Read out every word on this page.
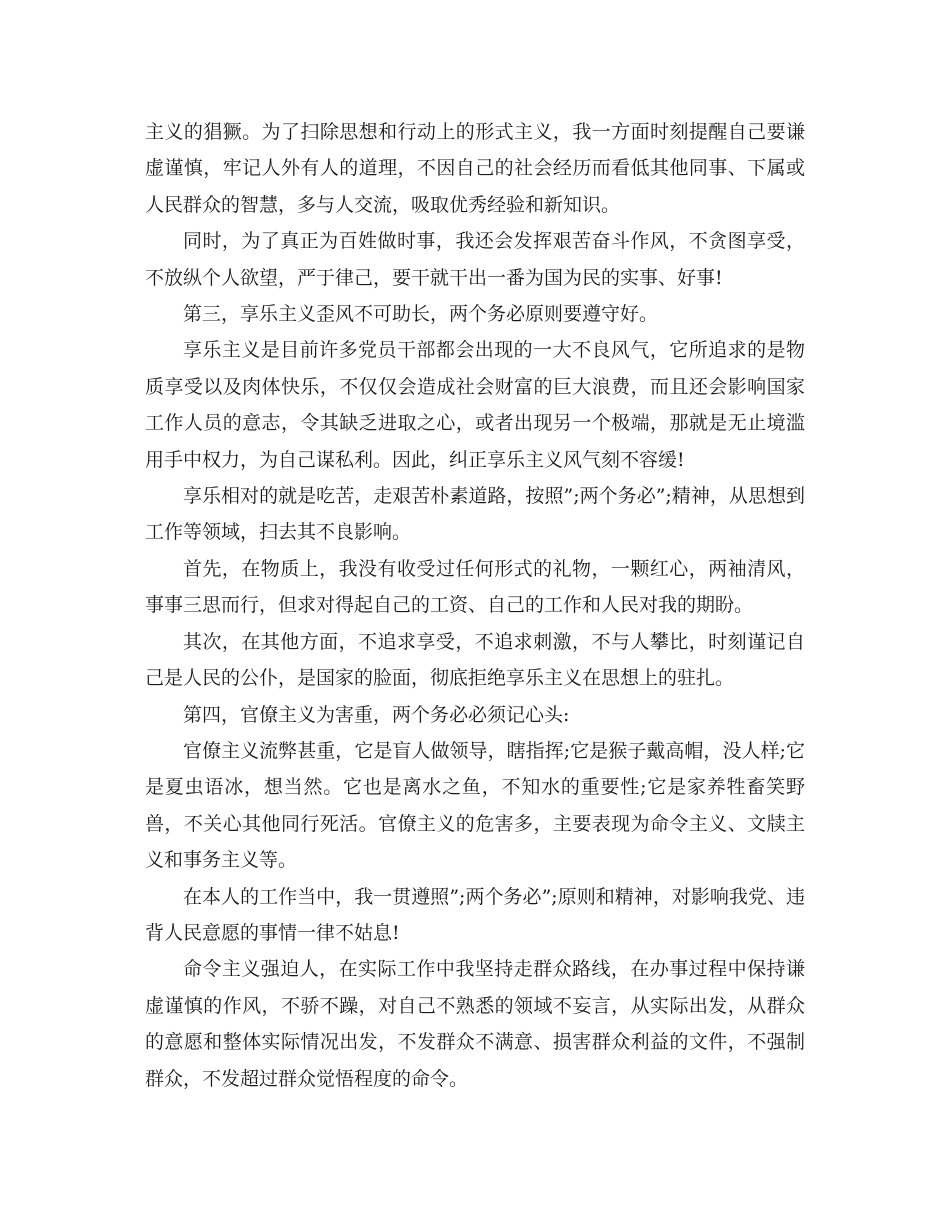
主义的猖獗。为了扫除思想和行动上的形式主义，我一方面时刻提醒自己要谦虚谨慎，牢记人外有人的道理，不因自己的社会经历而看低其他同事、下属或人民群众的智慧，多与人交流，吸取优秀经验和新知识。

同时，为了真正为百姓做时事，我还会发挥艰苦奋斗作风，不贪图享受，不放纵个人欲望，严于律己，要干就干出一番为国为民的实事、好事!

第三，享乐主义歪风不可助长，两个务必原则要遵守好。

享乐主义是目前许多党员干部都会出现的一大不良风气，它所追求的是物质享受以及肉体快乐，不仅仅会造成社会财富的巨大浪费，而且还会影响国家工作人员的意志，令其缺乏进取之心，或者出现另一个极端，那就是无止境滥用手中权力，为自己谋私利。因此，纠正享乐主义风气刻不容缓!

享乐相对的就是吃苦，走艰苦朴素道路，按照”;两个务必”;精神，从思想到工作等领域，扫去其不良影响。

首先，在物质上，我没有收受过任何形式的礼物，一颗红心，两袖清风，事事三思而行，但求对得起自己的工资、自己的工作和人民对我的期盼。

其次，在其他方面，不追求享受，不追求刺激，不与人攀比，时刻谨记自己是人民的公仆，是国家的脸面，彻底拒绝享乐主义在思想上的驻扎。

第四，官僚主义为害重，两个务必必须记心头:

官僚主义流弊甚重，它是盲人做领导，瞎指挥;它是猴子戴高帽，没人样;它是夏虫语冰，想当然。它也是离水之鱼，不知水的重要性;它是家养牲畜笑野兽，不关心其他同行死活。官僚主义的危害多，主要表现为命令主义、文牍主义和事务主义等。

在本人的工作当中，我一贯遵照”;两个务必”;原则和精神，对影响我党、违背人民意愿的事情一律不姑息!

命令主义强迫人，在实际工作中我坚持走群众路线，在办事过程中保持谦虚谨慎的作风，不骄不躁，对自己不熟悉的领域不妄言，从实际出发，从群众的意愿和整体实际情况出发，不发群众不满意、损害群众利益的文件，不强制群众，不发超过群众觉悟程度的命令。
